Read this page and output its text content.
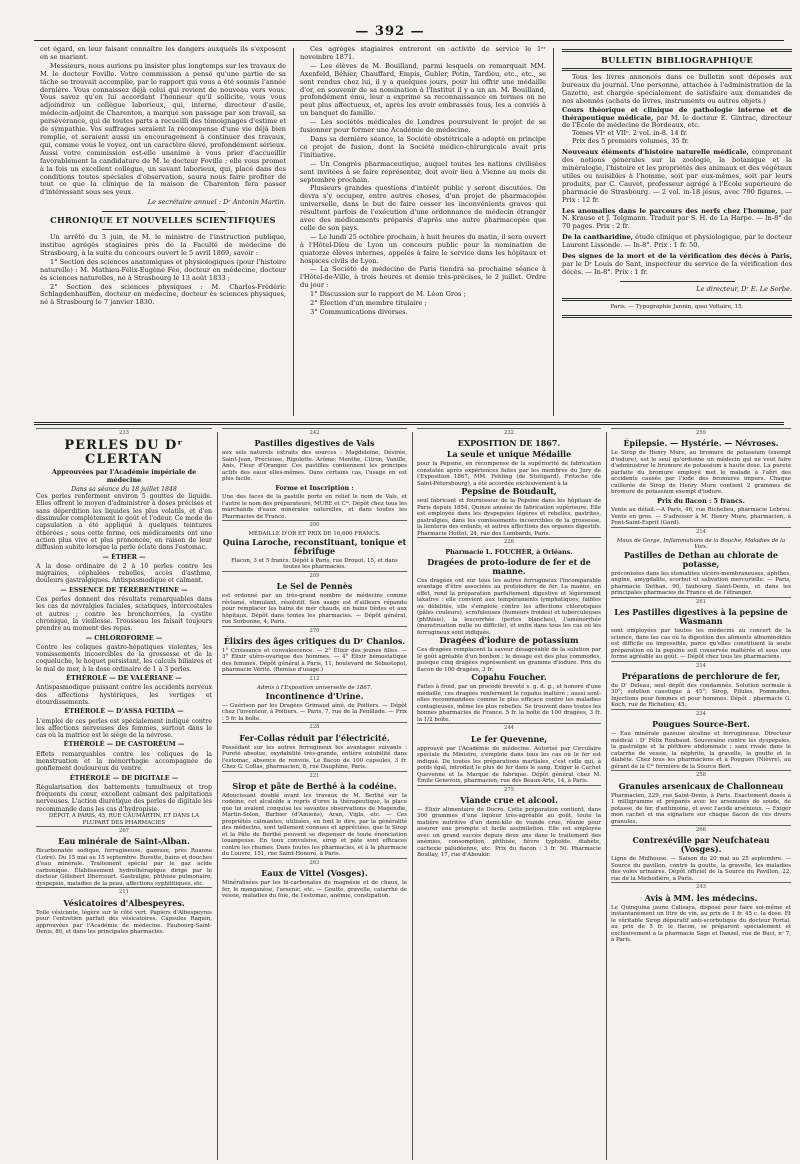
— 392 —

cet égard, en leur faisant connaître les dangers auxquels ils s'exposent en se mariant.

Messieurs, nous aurions pu insister plus longtemps sur les travaux de M. le docteur Foville. Votre commission a pensé qu'une partie de sa tâche se trouvait accomplie, par le rapport qui vous a été soumis l'année dernière. Vous connaissez déjà celui qui revient de nouveau vers vous. Vous savez qu'en lui accordant l'honneur qu'il sollicite, vous vous adjoindrez un collègue laborieux, qui, interne, directeur d'asile, médecin-adjoint de Charenton, a marqué son passage par son travail, sa persévérance, qui de toutes parts a recueilli des témoignages d'estime et de sympathie. Vos suffrages seraient la récompense d'une vie déjà bien remplie, et seraient aussi un encouragement à continuer des travaux, qui, comme vous le voyez, ont un caractère élevé, profondément sérieux. Aussi votre commission est-elle unanime à vous prier d'accueillir favorablement la candidature de M. le docteur Foville ; elle vous promet à la fois un excellent collègue, un savant laborieux, qui, placé dans des conditions toutes spéciales d'observation, saura nous faire profiter de tout ce que la clinique de la maison de Charenton fera passer d'intéressant sous ses yeux.

Le secrétaire annuel : Dʳ Antonin Martin.
CHRONIQUE ET NOUVELLES SCIENTIFIQUES

Un arrêté du 3 juin, de M. le ministre de l'instruction publique, institue agrégés stagiaires près de la Faculté de médecine de Strasbourg, à la suite du concours ouvert le 5 avril 1869, savoir :

1° Section des sciences anatomiques et physiologiques (pour l'histoire naturelle) : M. Mathieu-Félix-Eugène Fée, docteur en médecine, docteur ès sciences naturelles, né à Strasbourg le 13 août 1833 ;

2° Section des sciences physiques : M. Charles-Frédéric Schlagdenhauffen, docteur en médecine, docteur ès sciences physiques, né à Strasbourg le 7 janvier 1830.

Ces agrégés stagiaires entreront en activité de service le 1ᵉʳ novembre 1871.

— Les élèves de M. Bouilland, parmi lesquels on remarquait MM. Axenfeld, Béhier, Chauffard, Empis, Gubler, Potin, Tardieu, etc., etc., se sont rendus chez lui, il y a quelques jours, pour lui offrir une médaille d'or, en souvenir de sa nomination à l'Institut il y a un an. M. Bouilland, profondément ému, leur a exprimé sa reconnaissance en termes on ne peut plus affectueux, et, après les avoir embrassés tous, les a conviés à un banquet de famille.

— Les sociétés médicales de Londres poursuivent le projet de se fusionner pour former une Académie de médecine.

Dans sa dernière séance, la Société obstétricale a adopté en principe ce projet de fusion, dont la Société médico-chirurgicale avait pris l'initiative.

— Un Congrès pharmaceutique, auquel toutes les nations civilisées sont invitées à se faire représenter, doit avoir lieu à Vienne au mois de septembre prochain.

Plusieurs grandes questions d'intérêt public y seront discutées. On devra s'y occuper, entre autres choses, d'un projet de pharmacopée universelle, dans le but de faire cesser les inconvénients graves qui résultent parfois de l'exécution d'une ordonnance de médecin étranger avec des médicaments préparés d'après une autre pharmacopée que celle de son pays.

— Le lundi 25 octobre prochain, à huit heures du matin, il sera ouvert à l'Hôtel-Dieu de Lyon un concours public pour la nomination de quatorze élèves internes, appelés à faire le service dans les hôpitaux et hospices civils de Lyon.

— La Société de médecine de Paris tiendra sa prochaine séance à l'Hôtel-de-Ville, à trois heures et demie très-précises, le 2 juillet. Ordre du jour :

1° Discussion sur le rapport de M. Léon Gros ;

2° Élection d'un membre titulaire ;

3° Communications diverses.

BULLETIN BIBLIOGRAPHIQUE

Tous les livres annoncés dans ce bulletin sont déposés aux bureaux du journal. Une personne, attachée à l'administration de la Gazette, est chargée spécialement de satisfaire aux demandes de nos abonnés (achats de livres, instruments ou autres objets.)

Cours théorique et clinique de pathologie interne et de thérapeutique médicale, par M. le docteur E. Gintrac, directeur de l'École de médecine de Bordeaux, etc.
Tomes VIᵉ et VIIᵉ. 2 vol. in-8. 14 fr.
Prix des 5 premiers volumes, 35 fr.
Nouveaux éléments d'histoire naturelle médicale, comprenant des notions générales sur la zoologie, la botanique et la minéralogie, l'histoire et les propriétés des animaux et des végétaux utiles ou nuisibles à l'homme, soit par eux-mêmes, soit par leurs produits, par C. Cauvet, professeur agrégé à l'École supérieure de pharmacie de Strasbourg. — 2 vol. in-18 jésus, avec 790 figures. — Prix : 12 fr.
Les anomalies dans le parcours des nerfs chez l'homme, par N. Krause et J. Telgmann. Traduit par S. H. de La Harpe. — In-8° de 70 pages. Prix : 2 fr.
De la cantharidine, étude clinique et physiologique, par le docteur Laurent Lissonde. — In-8°. Prix : 1 fr. 50.
Des signes de la mort et de la vérification des décès à Paris, par le Dʳ Louis de Sant, inspecteur du service de la vérification des décès. — In-8°. Prix : 1 fr.
Le directeur, Dʳ E. Le Sorbe.
Paris. — Typographie Jannin, quai Voltaire, 15.
233
PERLES DU Dʳ CLERTAN
Approuvées par l'Académie impériale de médecine
Dans sa séance du 18 juillet 1848

Ces perles renferment environ 5 gouttes de liquide. Elles offrent le moyen d'administrer à doses précises et sans déperdition les liquides les plus volatils, et d'en dissimuler complètement le goût et l'odeur. Ce mode de capsulation a été appliqué à quelques teintures éthérées ; sous cette forme, ces médicaments ont une action plus vive et plus prononcée, en raison de leur diffusion subite lorsque la perle éclate dans l'estomac.

— ÉTHER —

A la dose ordinaire de 2 à 10 perles contre les migraines, céphalées rebelles, accès d'asthme, douleurs gastralgiques. Antispasmodique et calmant.

— ESSENCE DE TÉRÉBENTHINE —

Ces perles donnent des résultats remarquables dans les cas de névralgies faciales, sciatiques, intercostales et autres ; contre les bronchorrées, la cystite chronique, la vieillesse. Trousseau les faisait toujours prendre au moment des repas.

— CHLOROFORME —

Contre les coliques gastro-hépatiques violentes, les vomissements incoercibles de la grossesse et de la coqueluche, le hoquet persistant, les calculs biliaires et le mal de mer, à la dose ordinaire de 1 à 3 perles.

ÉTHÉROLÉ — DE VALÉRIANE —

Antispasmodique puissant contre les accidents nerveux des affections hystériques, les vertiges et étourdissements.

ÉTHÉROLÉ — D'ASSA FŒTIDA —

L'emploi de ces perles est spécialement indiqué contre les affections nerveuses des femmes, surtout dans le cas où la matrice est le siège de la névrose.

ÉTHÉROLÉ — DE CASTORÉUM —

Effets remarquables contre les coliques de la menstruation et la ménorrhagie accompagnée de gonflement douloureux du ventre.

ÉTHÉROLÉ — DE DIGITALE —

Régularisation des battements tumultueux et trop fréquents du cœur, excellent calmant des palpitations nerveuses. L'action diurétique des perles de digitale les recommande dans les cas d'hydropisie.

DÉPOT, A PARIS, 45, RUE CAUMARTIN, ET DANS LA PLUPART DES PHARMACIES
267
Eau minérale de Saint-Alban.

Bicarbonatée sodique, ferrugineuse, gazeuse, près Roanne (Loire). Du 15 mai au 15 septembre. Buvette, bains et douches d'eau minérale. Traitement spécial par le gaz acide carbonique. Établissement hydrothérapique dirigé par le docteur Gillebert Dhercourt. Gastralgie, phthisie pulmonaire, dyspepsie, maladies de la peau, affections syphilitiques, etc.

211
Vésicatoires d'Albespeyres.

Toile vésicante, légère sur le côté vert. Papiers d'Albespeyres pour l'entretien parfait des vésicatoires. Capsules Raquin, approuvées par l'Académie de médecine. Faubourg-Saint-Denis, 80, et dans les principales pharmacies.

242
Pastilles digestives de Vals

aux sels naturels extraits des sources : Magdeleine, Désirée, Saint-Jean, Précieuse, Rigolette. Arôme: Menthe, Citron, Vanille, Anis, Fleur d'Oranger. Ces pastilles contiennent les principes actifs des eaux elles-mêmes. Dans certains cas, l'usage en est plus facile.

Forme et Inscription :

Une des faces de la pastille porte en relief le nom de Vals, et l'autre le nom des préparateurs, MURE et Cⁱᵉ. Dépôt chez tous les marchands d'eaux minérales naturelles, et dans toutes les Pharmacies de France.

200
MÉDAILLE D'OR ET PRIX DE 16,600 FRANCS.
Quina Laroche, reconstituant, tonique et fébrifuge

Flacon, 3 et 5 francs. Dépôt à Paris, rue Drouot, 15, et dans toutes les pharmacies.

209
Le Sel de Pennès

est ordonné par un très-grand nombre de médecins comme réclamé, stimulant, résolutif. Son usage est d'ailleurs répandu pour remplacer les bains de mer chauds, en bains tièdes et aux hôpitaux. Dépôt dans toutes les pharmacies. — Dépôt général, rue Sorbonne, 4, Paris.

276
Élixirs des âges critiques du Dʳ Chanlos.

1° Croissance et convalescence. — 2° Élixir des jeunes filles. — 3° Élixir utéro-ovarique des hommes. — 4° Élixir hémostatique des femmes. Dépôt général à Paris, 11, boulevard de Sébastopol, pharmacie Vérité. (Remise d'usage.)

212
Admis à l'Exposition universelle de 1867.
Incontinence d'Urine.

— Guérison par les Dragées Grimaud aîné, de Poitiers. — Dépôt chez l'inventeur, à Poitiers. — Paris, 7, rue de la Feuillade. — Prix : 5 fr. la boîte.

228
Fer-Collas réduit par l'électricité.

Possédant sur les autres ferrugineux les avantages suivants : Pureté absolue, oxydabilité très-grande, entière solubilité dans l'estomac, absence de renvois. Le flacon de 100 capsules, 3 fr. Chez G. Collas, pharmacien, 8, rue Dauphine, Paris.

221
Sirop et pâte de Berthé à la codéine.

Adoucissant doublé avant les travaux de M. Berthé sur la codéine, cet alcaloïde a repris d'ores la thérapeutique, la place que lui avaient conquise les savantes observations de Magendie, Martin-Solon, Barbier (d'Amiens), Aran, Vigla, etc. — Ces propriétés calmantes, utilisées, en font le dire, par la généralité des médecins, sont tellement connues et appréciées, que le Sirop et la Pâte de Berthé peuvent se dispenser de toute énonciation louangeuse. En toux convulsive, sirop et pâte sont efficaces contre les rhumes. Dans toutes les pharmacies, et à la pharmacie du Louvre, 151, rue Saint-Honoré, à Paris.

263
Eaux de Vittel (Vosges).

Minéralisées par les bi-carbonates de magnésie et de chaux, le fer, le manganèse, l'arsenic, etc. — Goutte, gravelle, catarrhe de vessie, maladies du foie, de l'estomac, anémie, constipation.

232
EXPOSITION DE 1867.
La seule et unique Médaille

pour la Pepsine, en récompense de la supériorité de fabrication constatée après expériences faites par les membres du Jury de l'Exposition 1867, MM. Fehling (de Stuttgard), Fritzche (de Saint-Pétersbourg), a été accordée exclusivement à la

Pepsine de Boudault,

seul fabricant et fournisseur de la Pepsine dans les hôpitaux de Paris depuis 1854. Quinze années de fabrication supérieure. Elle est employée dans les dyspepsies légères et rebelles, gastrites, gastralgies, dans les vomissements incoercibles de la grossesse, la lienterie des enfants, et autres affections des organes digestifs. Pharmacie Hottot, 24, rue des Lombards, Paris.

226
Pharmacie L. FOUCHER, à Orléans.
Dragées de proto-iodure de fer et de manne.

Ces dragées ont sur tous les autres ferrugineux l'incomparable avantage d'être associées au protoiodure de fer. La manne, en effet, rend la préparation parfaitement digestive et légèrement laxative ; elle convient aux tempéraments lymphatiques, faibles ou débilités, elle s'emploie contre les affections chlorotiques (pâles couleurs), scrofuleuses (humeurs froides) et tuberculeuses (phthisie), la leucorrhée (pertes blanches), l'aménorrhée (menstruation nulle ou difficile), et enfin dans tous les cas où les ferrugineux sont indiqués.

Dragées d'iodure de potassium

Ces dragées remplacent la saveur désagréable de la solution par le goût agréable d'un bonbon ; le dosage est des plus commodes, puisque cinq dragées représentent un gramme d'iodure. Prix du flacon de 100 dragées, 3 fr.

Copahu Foucher.

Faites à froid, par un procédé breveté s. g. d. g., et honoré d'une médaille, ces dragées renferment le copahu inaltéré ; aussi sont-elles recommandées comme le plus efficace contre les maladies contagieuses, même les plus rebelles. Se trouvent dans toutes les bonnes pharmacies de France. 5 fr. la boîte de 100 dragées, 3 fr. la 1/2 boîte.

244
Le fer Quevenne,

approuvé par l'Académie de médecine. Autorisé par Circulaire spéciale du Ministre, s'emploie dans tous les cas où le fer est indiqué. De toutes les préparations martiales, c'est celle qui, à poids égal, introduit le plus de fer dans le sang. Exiger le Cachet Quevenne et la Marque de fabrique. Dépôt général chez M. Émile Genevoix, pharmacien, rue des Beaux-Arts, 14, à Paris.

275
Viande crue et alcool.

— Élixir alimentaire de Ducro. Cette préparation contient, dans 300 grammes d'une liqueur très-agréable au goût, toute la matière nutritive d'un demi-kilo de viande crue, réunie pour assurer une prompte et facile assimilation. Elle est employée avec un grand succès depuis deux ans dans le traitement des anémies, consomption, phthisie, fièvre typhoïde, diabète, cachexie paludéenne, etc. Prix du flacon : 3 fr. 50. Pharmacie Boullay, 17, rue d'Aboukir.

259
Épilepsie. — Hystérie. — Névroses.

Le Sirop de Henry Mure, au bromure de potassium (exempt d'iodure), est le seul qu'ordonne un médecin qui ne veut faire d'administrer le bromure de potassium à haute dose. La pureté parfaite du bromure employé met le malade à l'abri des accidents causés par l'iode des bromures impurs. Chaque cuillerée de Sirop de Henry Mure contient 2 grammes de bromure de potassium exempt d'iodure.

Prix du flacon : 5 francs.

Vente au détail.—A Paris, 46, rue Richelieu, pharmacie Lebrou. Vente en gros. — S'adresser à M. Henry Mure, pharmacien, à Pont-Saint-Esprit (Gard).

214
Maux de Gorge, Inflammations de la Bouche, Maladies de la Voix.
Pastilles de Dethan au chlorate de potasse,

préconisées dans les stomatites ulcéro-membraneuses, aphthes, angine, amygdalite, scorbut et salivation mercurielle. — Paris, pharmacie Dethan, 90, faubourg Saint-Denis, et dans les principales pharmacies de France et de l'étranger.

261
Les Pastilles digestives à la pepsine de Wasmann

sont employées par toutes les médecins au concert de la science, dans les cas où la digestion des aliments albuminoïdes est difficile ou impossible, parce qu'elles constituent la seule préparation où la pepsine soit conservée inaltérée et sous une forme agréable au goût. — Dépôt chez tous les pharmaciens.

214
Préparations de perchlorure de fer,

du Dʳ Deleau, seul dépôt des condamnés. Solution normale à 30°; solution caustique à 45°; Sirop, Pilules, Pommades, Injections pour femmes et pour hommes. Dépôt : pharmacie G. Koch, rue de Richelieu, 45.

234
Pougues Source-Bert.

— Eau minérale gazeuse alcaline et ferrugineuse. Directeur médical : Dʳ Félix Roubaud. Souveraine contre les dyspepsies, la gastralgie et la pléthore abdominale ; sans rivale dans le catarrhe de vessie, la néphrite, la gravelle, la goutte et le diabète. Chez tous les pharmaciens et à Pougues (Nièvre), au gérant de la Cⁱᵉ fermière de la Source Bert.

258
Granules arsenicaux de Challonneau

Pharmacien, 229, rue Saint-Denis, à Paris. Exactement dosés à 1 milligramme et préparés avec les arseniates de soude, de potasse, de fer, d'antimoine, et avec l'acide arsénieux. — Exiger mon cachet et ma signature sur chaque flacon de ces divers granules.

266
Contrexéville par Neufchateau (Vosges).

Ligne de Mulhouse. — Saison du 20 mai au 25 septembre. — Source du pavillon, contre la goutte, la gravelle, les maladies des voies urinaires. Dépôt officiel de la Source du Pavillon, 22, rue de la Michodière, à Paris.

243
Avis à MM. les médecins.

Le Quinquina jaune Calisaya, disposé pour faire soi-même et instantanément un litre de vin, au prix de 1 fr. 45 c. la dose. Et le véritable Sirop dépuratif anti-scorbutique du docteur Portal, au prix de 5 fr. le flacon, se préparent spécialement et exclusivement à la pharmacie Sage et Danzel, rue de Buci, nᵒ 7, à Paris.
